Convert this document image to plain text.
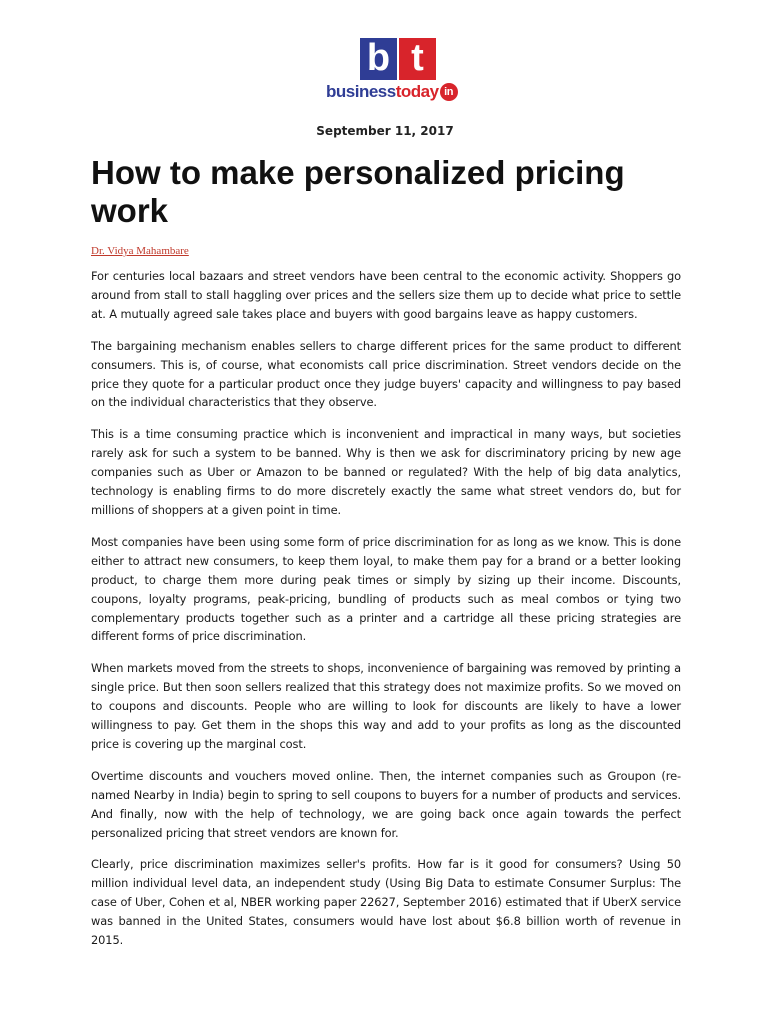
b t
businesstoday in
September 11, 2017
How to make personalized pricing work
Dr. Vidya Mahambare

For centuries local bazaars and street vendors have been central to the economic activity. Shoppers go around from stall to stall haggling over prices and the sellers size them up to decide what price to settle at. A mutually agreed sale takes place and buyers with good bargains leave as happy customers.

The bargaining mechanism enables sellers to charge different prices for the same product to different consumers. This is, of course, what economists call price discrimination. Street vendors decide on the price they quote for a particular product once they judge buyers' capacity and willingness to pay based on the individual characteristics that they observe.

This is a time consuming practice which is inconvenient and impractical in many ways, but societies rarely ask for such a system to be banned. Why is then we ask for discriminatory pricing by new age companies such as Uber or Amazon to be banned or regulated? With the help of big data analytics, technology is enabling firms to do more discretely exactly the same what street vendors do, but for millions of shoppers at a given point in time.

Most companies have been using some form of price discrimination for as long as we know. This is done either to attract new consumers, to keep them loyal, to make them pay for a brand or a better looking product, to charge them more during peak times or simply by sizing up their income. Discounts, coupons, loyalty programs, peak-pricing, bundling of products such as meal combos or tying two complementary products together such as a printer and a cartridge all these pricing strategies are different forms of price discrimination.

When markets moved from the streets to shops, inconvenience of bargaining was removed by printing a single price. But then soon sellers realized that this strategy does not maximize profits. So we moved on to coupons and discounts. People who are willing to look for discounts are likely to have a lower willingness to pay. Get them in the shops this way and add to your profits as long as the discounted price is covering up the marginal cost.

Overtime discounts and vouchers moved online. Then, the internet companies such as Groupon (re-named Nearby in India) begin to spring to sell coupons to buyers for a number of products and services. And finally, now with the help of technology, we are going back once again towards the perfect personalized pricing that street vendors are known for.

Clearly, price discrimination maximizes seller's profits. How far is it good for consumers? Using 50 million individual level data, an independent study (Using Big Data to estimate Consumer Surplus: The case of Uber, Cohen et al, NBER working paper 22627, September 2016) estimated that if UberX service was banned in the United States, consumers would have lost about $6.8 billion worth of revenue in 2015.
